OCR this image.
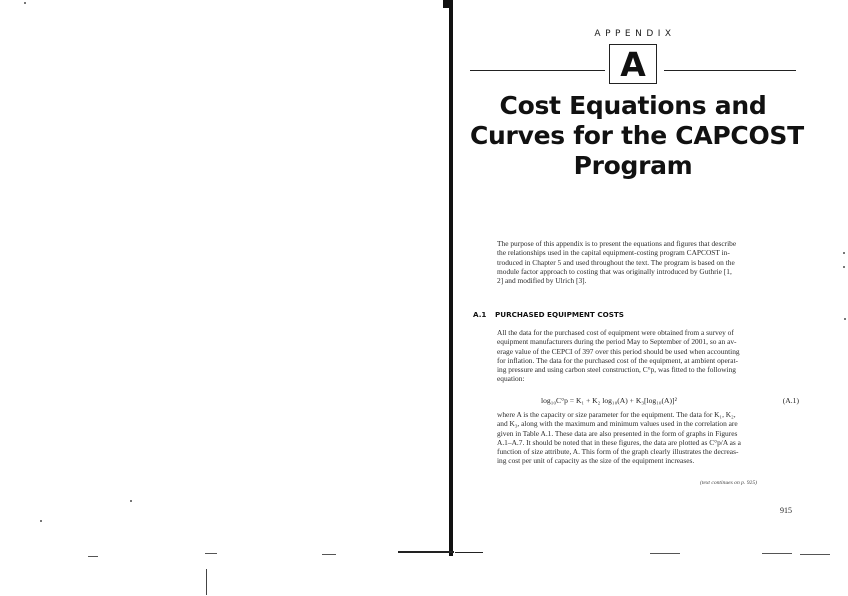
APPENDIX
A
Cost Equations and
Curves for the CAPCOST
Program
The purpose of this appendix is to present the equations and figures that describe
the relationships used in the capital equipment-costing program CAPCOST in-
troduced in Chapter 5 and used throughout the text. The program is based on the
module factor approach to costing that was originally introduced by Guthrie [1,
2] and modified by Ulrich [3].
A.1 PURCHASED EQUIPMENT COSTS
All the data for the purchased cost of equipment were obtained from a survey of
equipment manufacturers during the period May to September of 2001, so an av-
erage value of the CEPCI of 397 over this period should be used when accounting
for inflation. The data for the purchased cost of the equipment, at ambient operat-
ing pressure and using carbon steel construction, C°p, was fitted to the following
equation:
log₁₀C°p = K₁ + K₂ log₁₀(A) + K₃[log₁₀(A)]²	(A.1)
where A is the capacity or size parameter for the equipment. The data for K₁, K₂,
and K₃, along with the maximum and minimum values used in the correlation are
given in Table A.1. These data are also presented in the form of graphs in Figures
A.1–A.7. It should be noted that in these figures, the data are plotted as C°p/A as a
function of size attribute, A. This form of the graph clearly illustrates the decreas-
ing cost per unit of capacity as the size of the equipment increases.
(text continues on p. 925)
915
